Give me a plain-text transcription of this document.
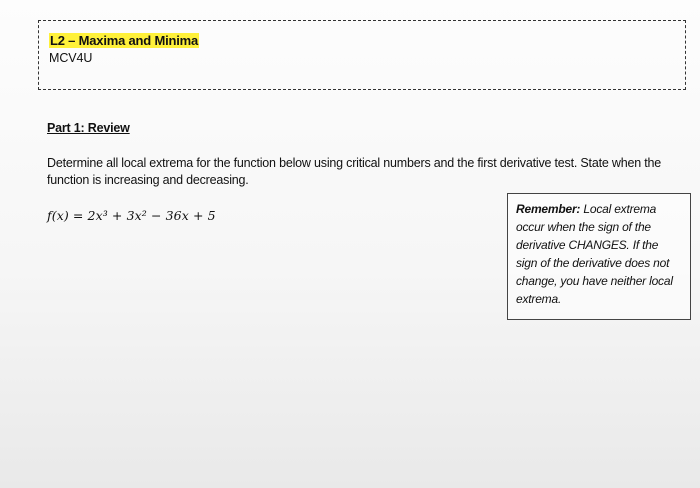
L2 – Maxima and Minima
MCV4U
Part 1: Review
Determine all local extrema for the function below using critical numbers and the first derivative test. State when the function is increasing and decreasing.
f(x) = 2x³ + 3x² − 36x + 5	Remember: Local extrema occur when the sign of the derivative CHANGES. If the sign of the derivative does not change, you have neither local extrema.
